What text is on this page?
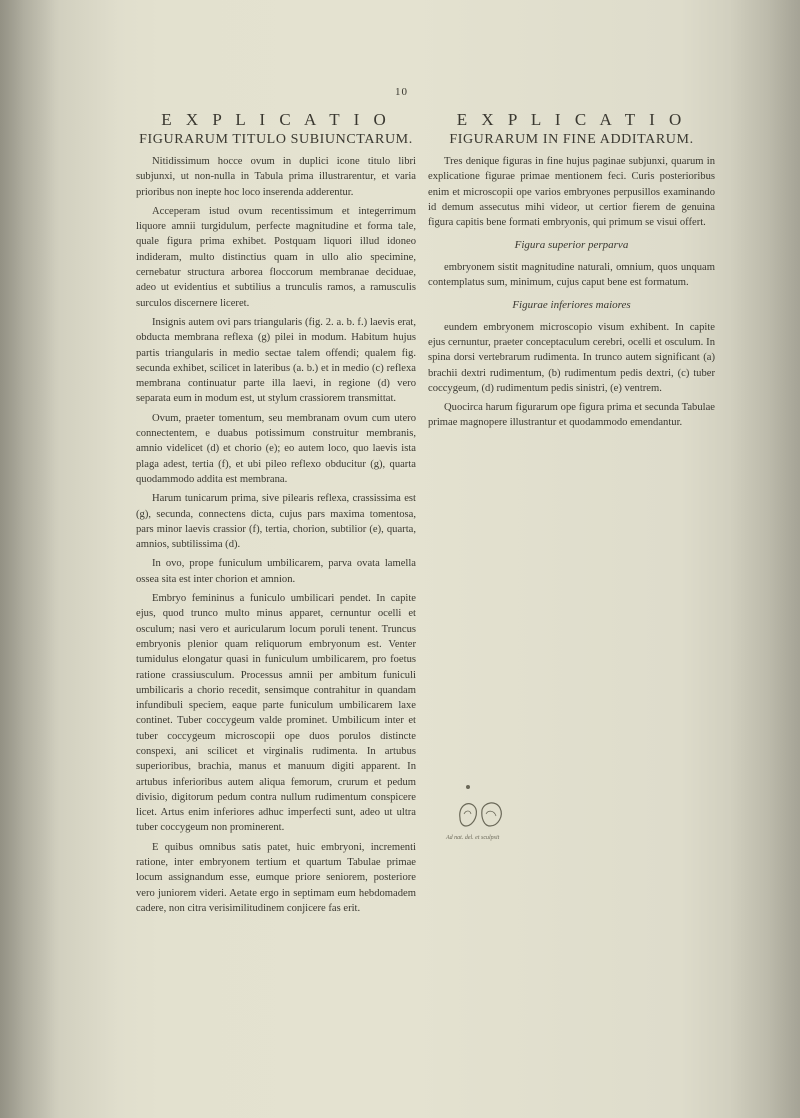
10
E X P L I C A T I O
FIGURARUM TITULO SUBIUNCTARUM.

Nitidissimum hocce ovum in duplici icone titulo libri subjunxi, ut non-nulla in Tabula prima illustrarentur, et varia prioribus non inepte hoc loco inserenda adderentur.

Acceperam istud ovum recentissimum et integerrimum liquore amnii turgidulum, perfecte magnitudine et forma tale, quale figura prima exhibet. Postquam liquori illud idoneo indideram, multo distinctius quam in ullo alio specimine, cernebatur structura arborea floccorum membranae deciduae, adeo ut evidentius et subtilius a trunculis ramos, a ramusculis surculos discernere liceret.

Insignis autem ovi pars triangularis (fig. 2. a. b. f.) laevis erat, obducta membrana reflexa (g) pilei in modum. Habitum hujus partis triangularis in medio sectae talem offendi; qualem fig. secunda exhibet, scilicet in lateribus (a. b.) et in medio (c) reflexa membrana continuatur parte illa laevi, in regione (d) vero separata eum in modum est, ut stylum crassiorem transmittat.

Ovum, praeter tomentum, seu membranam ovum cum utero connectentem, e duabus potissimum construitur membranis, amnio videlicet (d) et chorio (e); eo autem loco, quo laevis ista plaga adest, tertia (f), et ubi pileo reflexo obducitur (g), quarta quodammodo addita est membrana.

Harum tunicarum prima, sive pilearis reflexa, crassissima est (g), secunda, connectens dicta, cujus pars maxima tomentosa, pars minor laevis crassior (f), tertia, chorion, subtilior (e), quarta, amnios, subtilissima (d).

In ovo, prope funiculum umbilicarem, parva ovata lamella ossea sita est inter chorion et amnion.

Embryo femininus a funiculo umbilicari pendet. In capite ejus, quod trunco multo minus apparet, cernuntur ocelli et osculum; nasi vero et auricularum locum poruli tenent. Truncus embryonis plenior quam reliquorum embryonum est. Venter tumidulus elongatur quasi in funiculum umbilicarem, pro foetus ratione crassiusculum. Processus amnii per ambitum funiculi umbilicaris a chorio recedit, sensimque contrahitur in quandam infundibuli speciem, eaque parte funiculum umbilicarem laxe continet. Tuber coccygeum valde prominet. Umbilicum inter et tuber coccygeum microscopii ope duos porulos distincte conspexi, ani scilicet et virginalis rudimenta. In artubus superioribus, brachia, manus et manuum digiti apparent. In artubus inferioribus autem aliqua femorum, crurum et pedum divisio, digitorum pedum contra nullum rudimentum conspicere licet. Artus enim inferiores adhuc imperfecti sunt, adeo ut ultra tuber coccygeum non prominerent.

E quibus omnibus satis patet, huic embryoni, incrementi ratione, inter embryonem tertium et quartum Tabulae primae locum assignandum esse, eumque priore seniorem, posteriore vero juniorem videri. Aetate ergo in septimam eum hebdomadem cadere, non citra verisimilitudinem conjicere fas erit.

E X P L I C A T I O
FIGURARUM IN FINE ADDITARUM.

Tres denique figuras in fine hujus paginae subjunxi, quarum in explicatione figurae primae mentionem feci. Curis posterioribus enim et microscopii ope varios embryones perpusillos examinando id demum assecutus mihi videor, ut certior fierem de genuina figura capitis bene formati embryonis, qui primum se visui offert.

Figura superior perparva

embryonem sistit magnitudine naturali, omnium, quos unquam contemplatus sum, minimum, cujus caput bene est formatum.

Figurae inferiores maiores

eundem embryonem microscopio visum exhibent. In capite ejus cernuntur, praeter conceptaculum cerebri, ocelli et osculum. In spina dorsi vertebrarum rudimenta. In trunco autem significant (a) brachii dextri rudimentum, (b) rudimentum pedis dextri, (c) tuber coccygeum, (d) rudimentum pedis sinistri, (e) ventrem.

Quocirca harum figurarum ope figura prima et secunda Tabulae primae magnopere illustrantur et quodammodo emendantur.

Ad nat. del. et sculpsit
